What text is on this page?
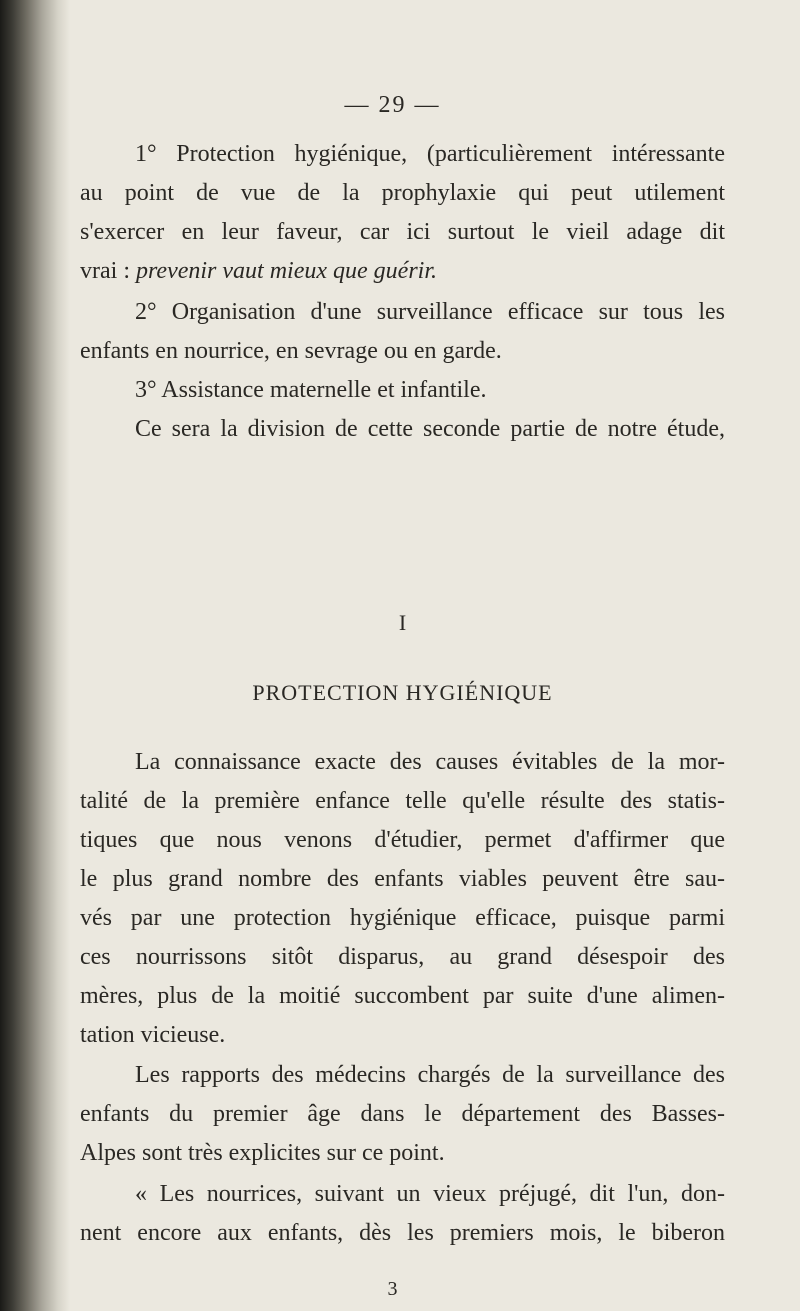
— 29 —

1° Protection hygiénique, (particulièrement intéressante

au point de vue de la prophylaxie qui peut utilement

s'exercer en leur faveur, car ici surtout le vieil adage dit

vrai : prevenir vaut mieux que guérir.

2° Organisation d'une surveillance efficace sur tous les

enfants en nourrice, en sevrage ou en garde.

3° Assistance maternelle et infantile.

Ce sera la division de cette seconde partie de notre étude,

I
PROTECTION HYGIÉNIQUE

La connaissance exacte des causes évitables de la mor-

talité de la première enfance telle qu'elle résulte des statis-

tiques que nous venons d'étudier, permet d'affirmer que

le plus grand nombre des enfants viables peuvent être sau-

vés par une protection hygiénique efficace, puisque parmi

ces nourrissons sitôt disparus, au grand désespoir des

mères, plus de la moitié succombent par suite d'une alimen-

tation vicieuse.

Les rapports des médecins chargés de la surveillance des

enfants du premier âge dans le département des Basses-

Alpes sont très explicites sur ce point.

« Les nourrices, suivant un vieux préjugé, dit l'un, don-

nent encore aux enfants, dès les premiers mois, le biberon

3
